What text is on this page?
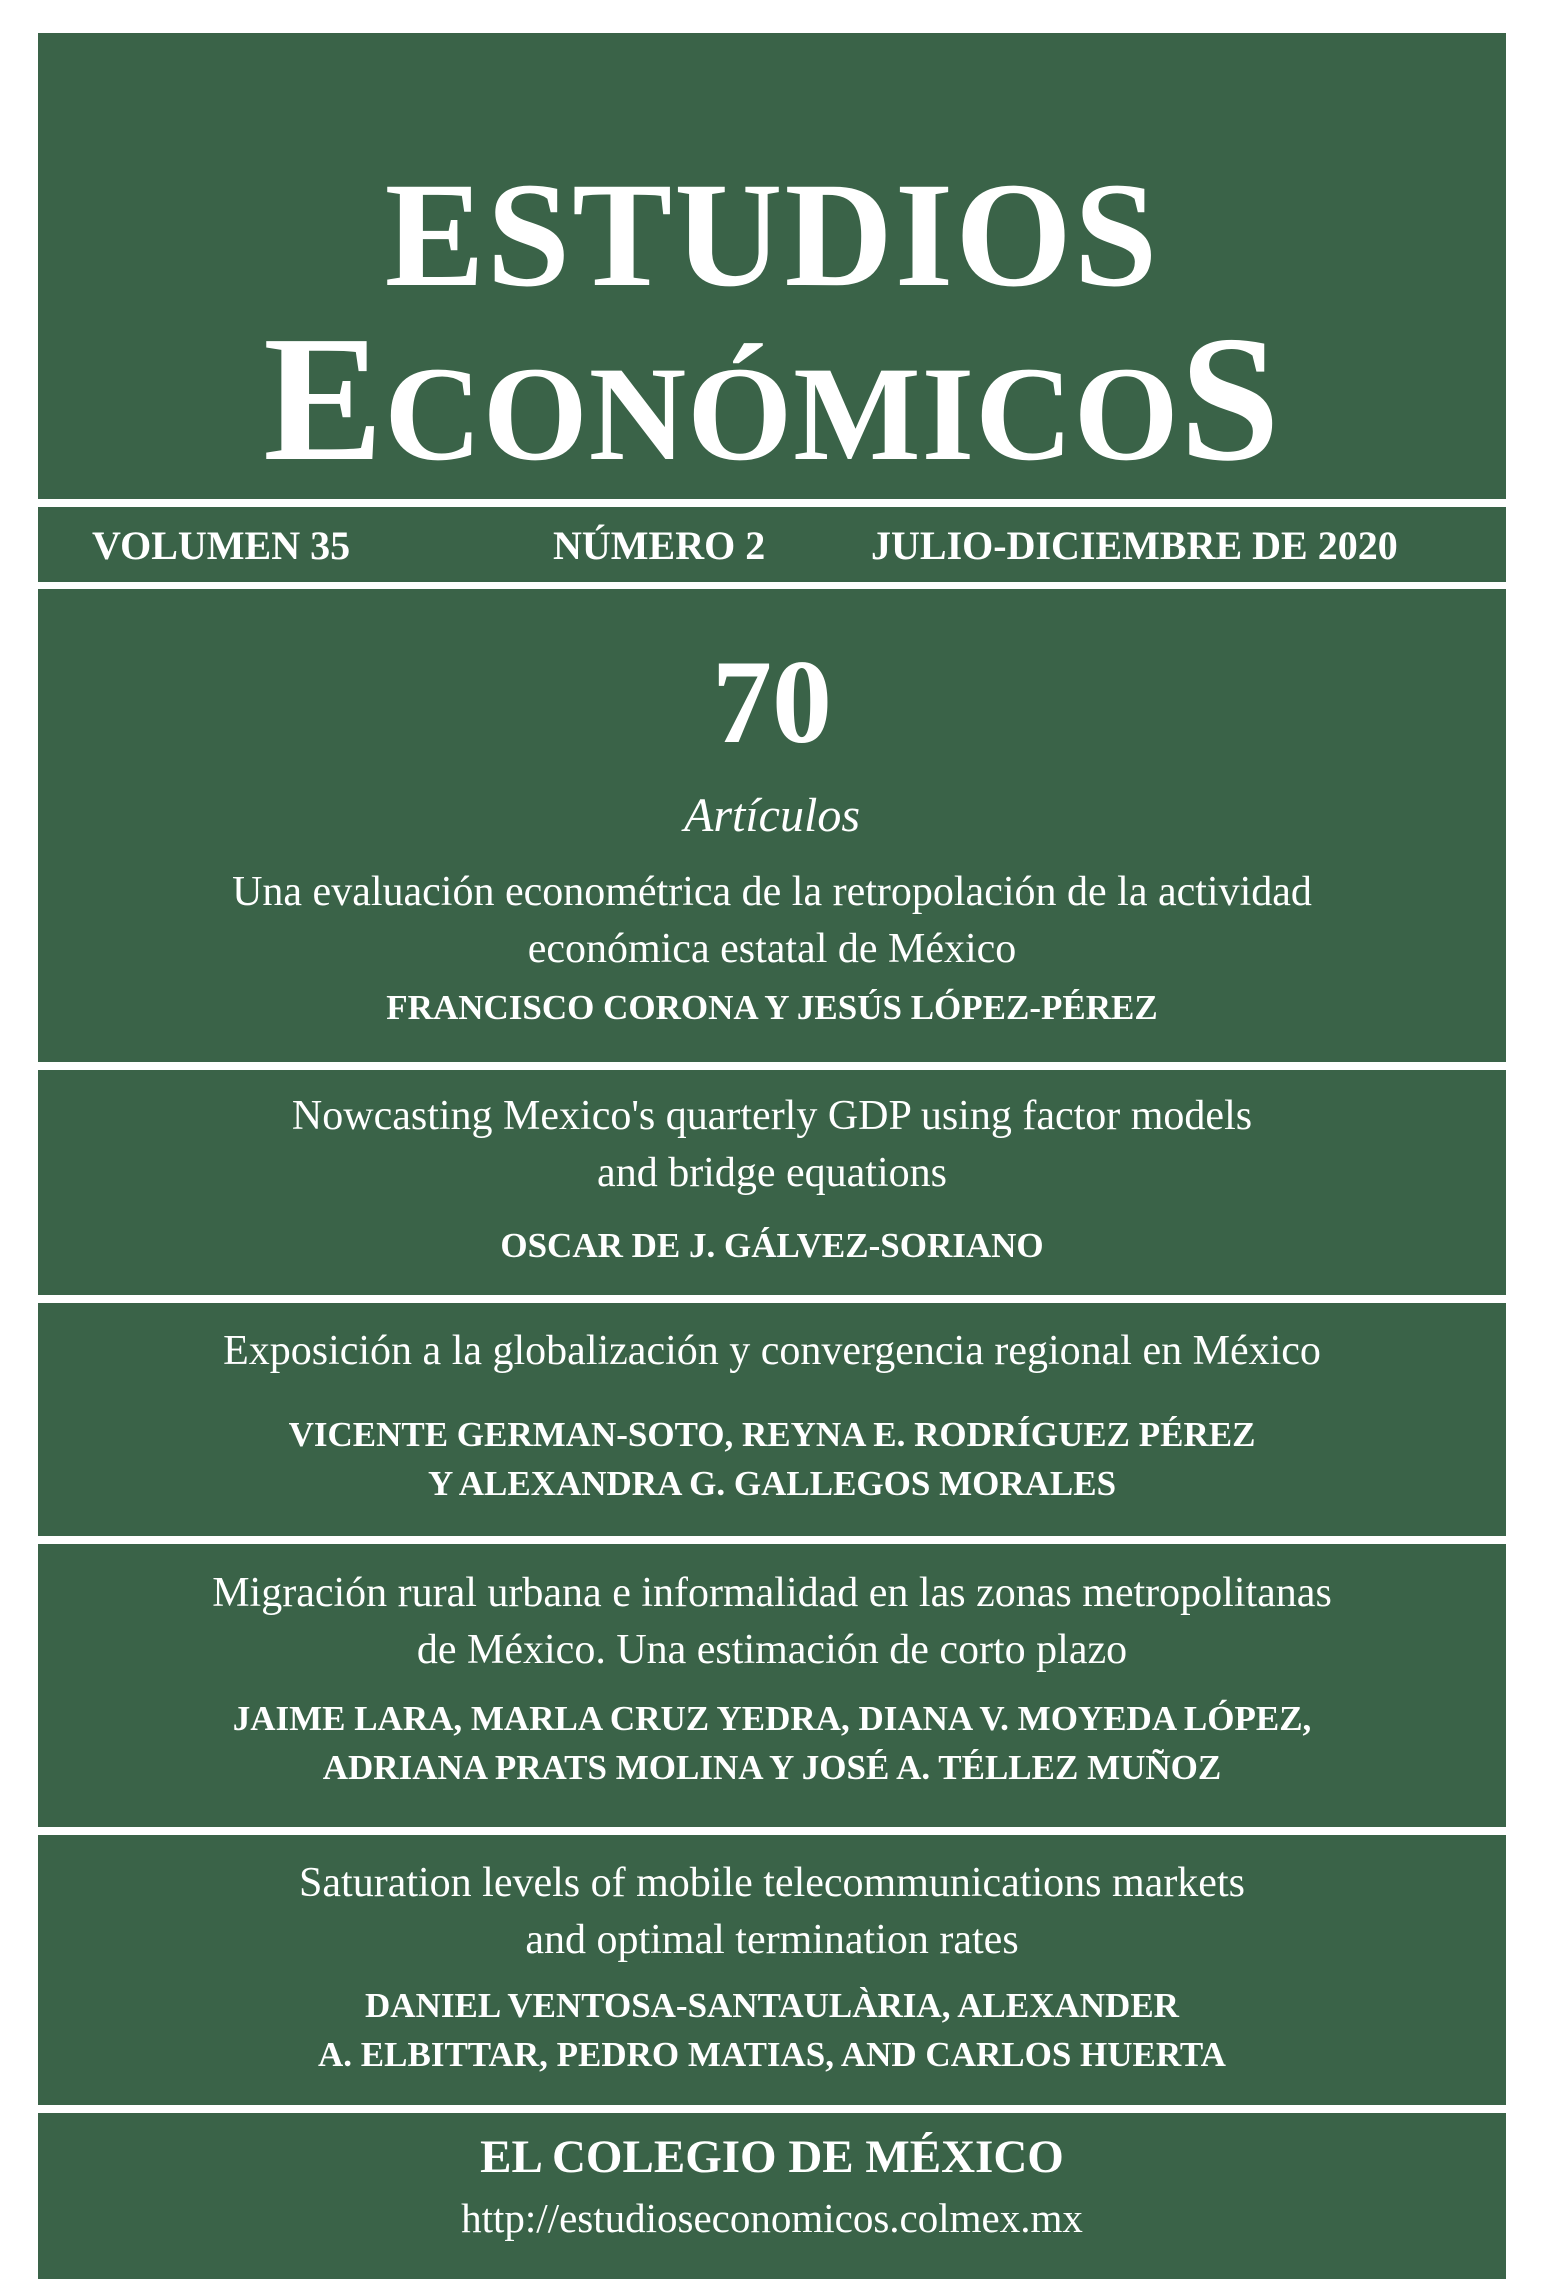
ESTUDIOS
ECONÓMICOS
VOLUMEN 35	NÚMERO 2	JULIO-DICIEMBRE DE 2020
70
Artículos
Una evaluación econométrica de la retropolación de la actividad
económica estatal de México
FRANCISCO CORONA Y JESÚS LÓPEZ-PÉREZ
Nowcasting Mexico's quarterly GDP using factor models
and bridge equations
OSCAR DE J. GÁLVEZ-SORIANO
Exposición a la globalización y convergencia regional en México
VICENTE GERMAN-SOTO, REYNA E. RODRÍGUEZ PÉREZ
Y ALEXANDRA G. GALLEGOS MORALES
Migración rural urbana e informalidad en las zonas metropolitanas
de México. Una estimación de corto plazo
JAIME LARA, MARLA CRUZ YEDRA, DIANA V. MOYEDA LÓPEZ,
ADRIANA PRATS MOLINA Y JOSÉ A. TÉLLEZ MUÑOZ
Saturation levels of mobile telecommunications markets
and optimal termination rates
DANIEL VENTOSA-SANTAULÀRIA, ALEXANDER
A. ELBITTAR, PEDRO MATIAS, AND CARLOS HUERTA
EL COLEGIO DE MÉXICO
http://estudioseconomicos.colmex.mx
